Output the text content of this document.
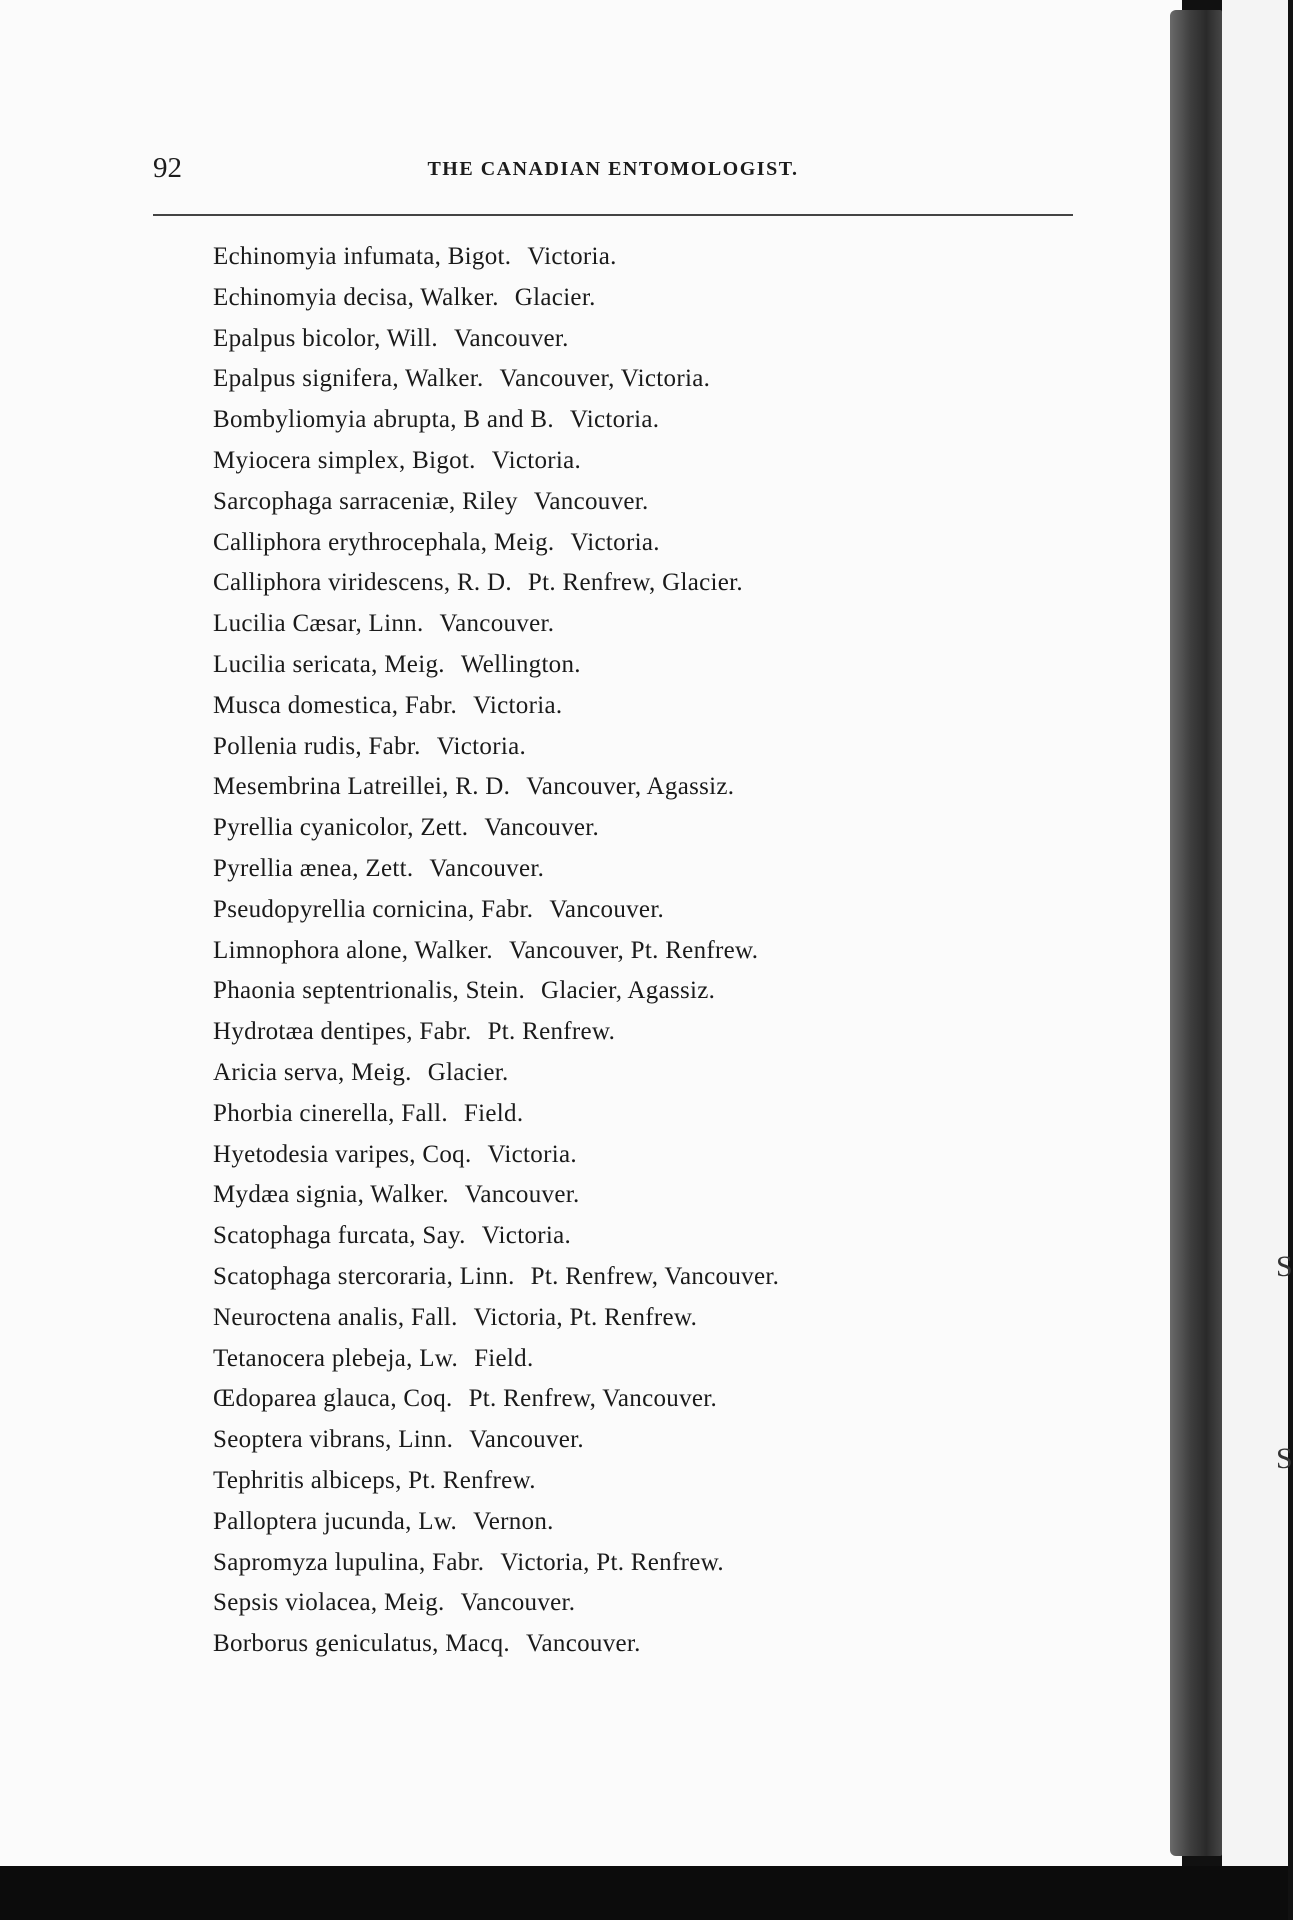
92	THE CANADIAN ENTOMOLOGIST.
Echinomyia infumata, Bigot. Victoria.
Echinomyia decisa, Walker. Glacier.
Epalpus bicolor, Will. Vancouver.
Epalpus signifera, Walker. Vancouver, Victoria.
Bombyliomyia abrupta, B and B. Victoria.
Myiocera simplex, Bigot. Victoria.
Sarcophaga sarraceniæ, Riley Vancouver.
Calliphora erythrocephala, Meig. Victoria.
Calliphora viridescens, R. D. Pt. Renfrew, Glacier.
Lucilia Cæsar, Linn. Vancouver.
Lucilia sericata, Meig. Wellington.
Musca domestica, Fabr. Victoria.
Pollenia rudis, Fabr. Victoria.
Mesembrina Latreillei, R. D. Vancouver, Agassiz.
Pyrellia cyanicolor, Zett. Vancouver.
Pyrellia ænea, Zett. Vancouver.
Pseudopyrellia cornicina, Fabr. Vancouver.
Limnophora alone, Walker. Vancouver, Pt. Renfrew.
Phaonia septentrionalis, Stein. Glacier, Agassiz.
Hydrotæa dentipes, Fabr. Pt. Renfrew.
Aricia serva, Meig. Glacier.
Phorbia cinerella, Fall. Field.
Hyetodesia varipes, Coq. Victoria.
Mydæa signia, Walker. Vancouver.
Scatophaga furcata, Say. Victoria.
Scatophaga stercoraria, Linn. Pt. Renfrew, Vancouver.
Neuroctena analis, Fall. Victoria, Pt. Renfrew.
Tetanocera plebeja, Lw. Field.
Œdoparea glauca, Coq. Pt. Renfrew, Vancouver.
Seoptera vibrans, Linn. Vancouver.
Tephritis albiceps, Pt. Renfrew.
Palloptera jucunda, Lw. Vernon.
Sapromyza lupulina, Fabr. Victoria, Pt. Renfrew.
Sepsis violacea, Meig. Vancouver.
Borborus geniculatus, Macq. Vancouver.
S
S
